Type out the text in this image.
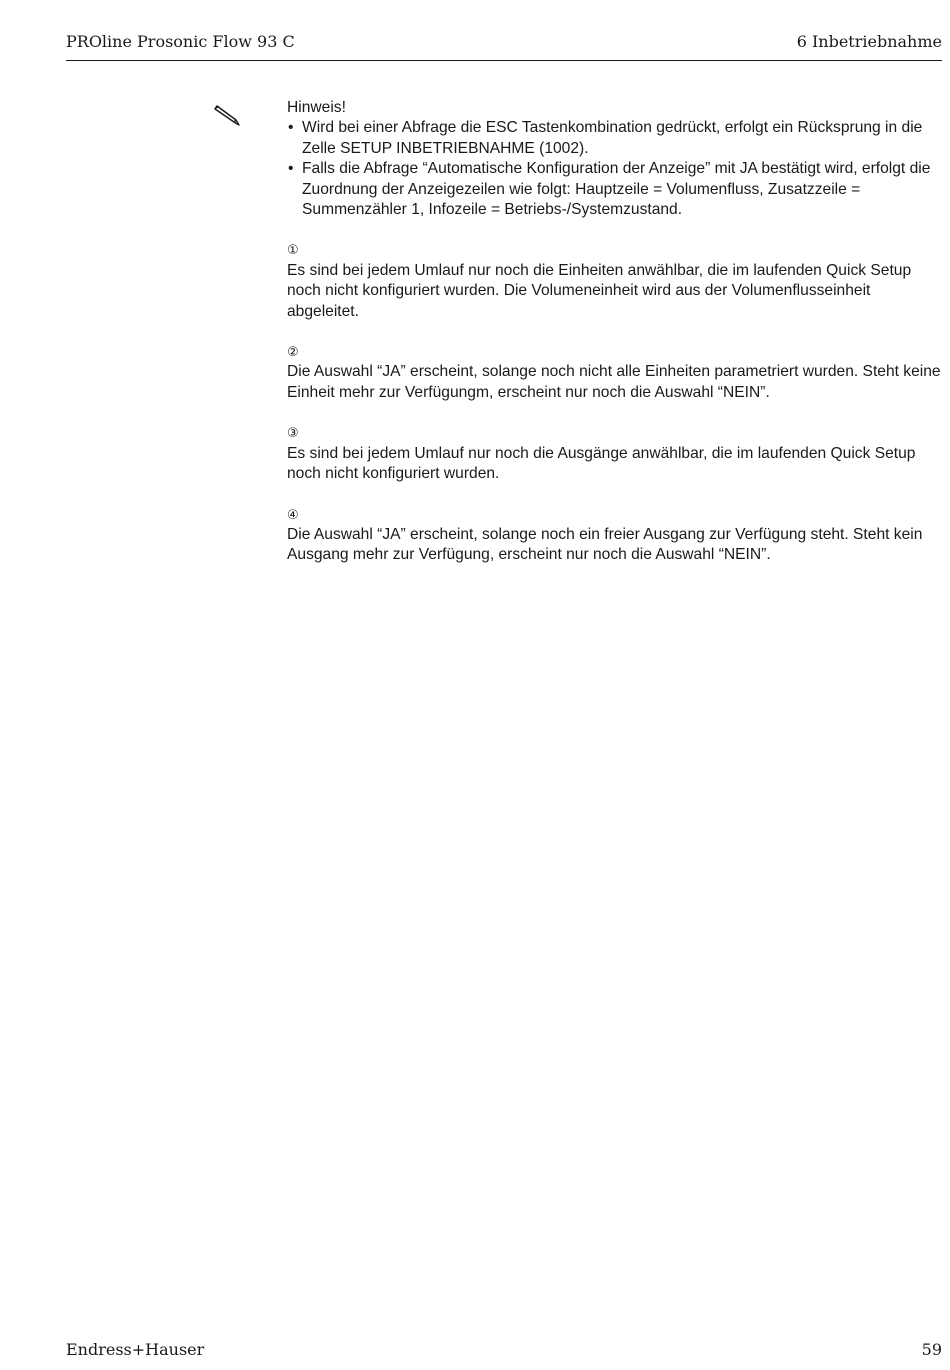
PROline Prosonic Flow 93 C	6 Inbetriebnahme

Hinweis!

• Wird bei einer Abfrage die ESC Tastenkombination gedrückt, erfolgt ein Rücksprung in die Zelle SETUP INBETRIEBNAHME (1002).
• Falls die Abfrage “Automatische Konfiguration der Anzeige” mit JA bestätigt wird, erfolgt die Zuordnung der Anzeigezeilen wie folgt: Hauptzeile = Volumenfluss, Zusatzzeile = Summenzähler 1, Infozeile = Betriebs-/Systemzustand.
①
Es sind bei jedem Umlauf nur noch die Einheiten anwählbar, die im laufenden Quick Setup noch nicht konfiguriert wurden. Die Volumeneinheit wird aus der Volumenflusseinheit abgeleitet.
②
Die Auswahl “JA” erscheint, solange noch nicht alle Einheiten parametriert wurden. Steht keine Einheit mehr zur Verfügungm, erscheint nur noch die Auswahl “NEIN”.
③
Es sind bei jedem Umlauf nur noch die Ausgänge anwählbar, die im laufenden Quick Setup noch nicht konfiguriert wurden.
④
Die Auswahl “JA” erscheint, solange noch ein freier Ausgang zur Verfügung steht. Steht kein Ausgang mehr zur Verfügung, erscheint nur noch die Auswahl “NEIN”.
Endress+Hauser	59
